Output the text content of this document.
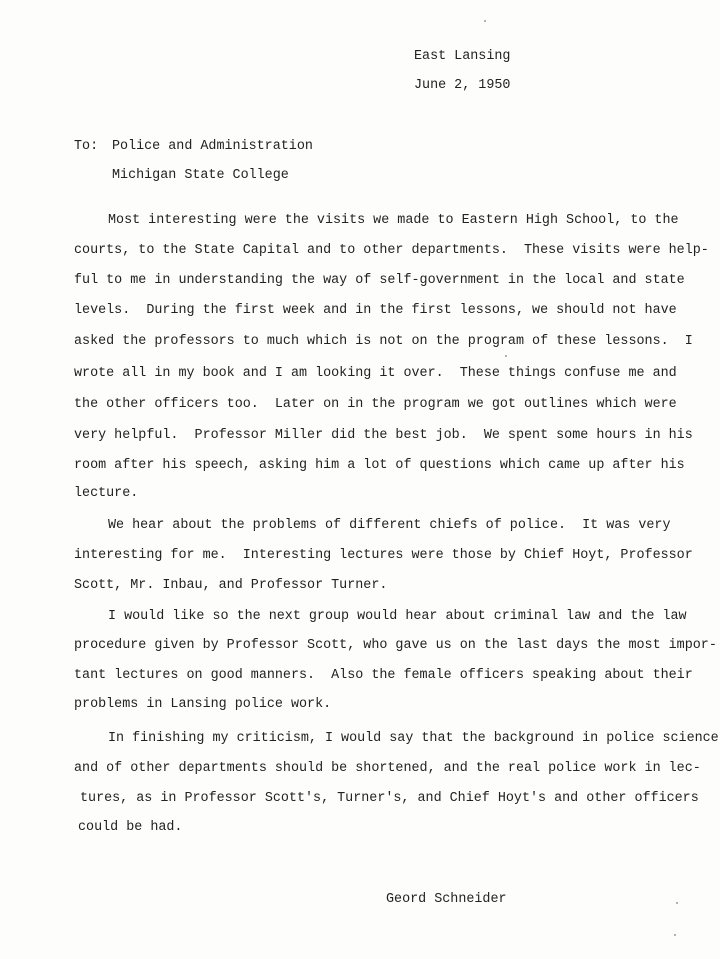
East Lansing
June 2, 1950
To: Police and Administration
Michigan State College
Most interesting were the visits we made to Eastern High School, to the
courts, to the State Capital and to other departments.  These visits were help-
ful to me in understanding the way of self-government in the local and state
levels.  During the first week and in the first lessons, we should not have
asked the professors to much which is not on the program of these lessons.  I
wrote all in my book and I am looking it over.  These things confuse me and
the other officers too.  Later on in the program we got outlines which were
very helpful.  Professor Miller did the best job.  We spent some hours in his
room after his speech, asking him a lot of questions which came up after his
lecture.
We hear about the problems of different chiefs of police.  It was very
interesting for me.  Interesting lectures were those by Chief Hoyt, Professor
Scott, Mr. Inbau, and Professor Turner.
I would like so the next group would hear about criminal law and the law
procedure given by Professor Scott, who gave us on the last days the most impor-
tant lectures on good manners.  Also the female officers speaking about their
problems in Lansing police work.
In finishing my criticism, I would say that the background in police science
and of other departments should be shortened, and the real police work in lec-
tures, as in Professor Scott's, Turner's, and Chief Hoyt's and other officers
could be had.
Geord Schneider
